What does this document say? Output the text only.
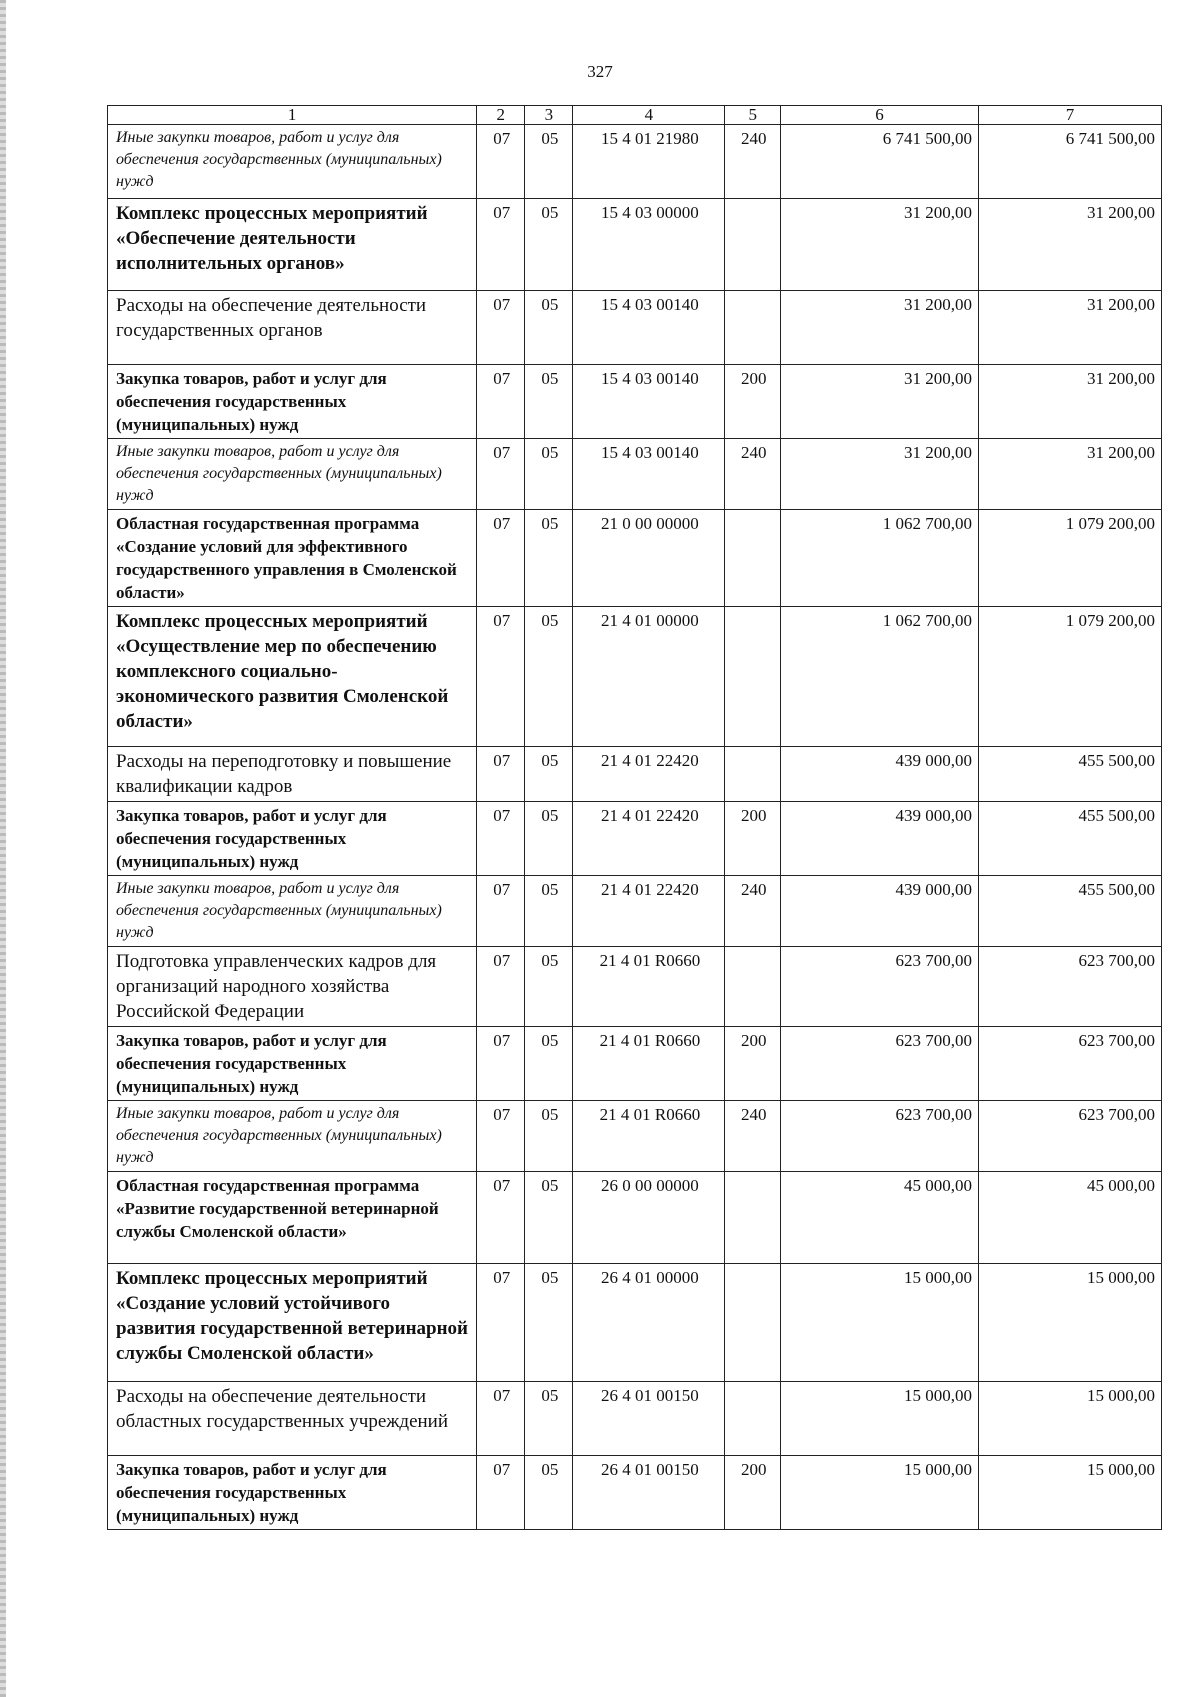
327
1	2	3	4	5	6	7
Иные закупки товаров, работ и услуг для обеспечения государственных (муниципальных) нужд	07	05	15 4 01 21980	240	6 741 500,00	6 741 500,00
Комплекс процессных мероприятий «Обеспечение деятельности исполнительных органов»	07	05	15 4 03 00000		31 200,00	31 200,00
Расходы на обеспечение деятельности государственных органов	07	05	15 4 03 00140		31 200,00	31 200,00
Закупка товаров, работ и услуг для обеспечения государственных (муниципальных) нужд	07	05	15 4 03 00140	200	31 200,00	31 200,00
Иные закупки товаров, работ и услуг для обеспечения государственных (муниципальных) нужд	07	05	15 4 03 00140	240	31 200,00	31 200,00
Областная государственная программа «Создание условий для эффективного государственного управления в Смоленской области»	07	05	21 0 00 00000		1 062 700,00	1 079 200,00
Комплекс процессных мероприятий «Осуществление мер по обеспечению комплексного социально-экономического развития Смоленской области»	07	05	21 4 01 00000		1 062 700,00	1 079 200,00
Расходы на переподготовку и повышение квалификации кадров	07	05	21 4 01 22420		439 000,00	455 500,00
Закупка товаров, работ и услуг для обеспечения государственных (муниципальных) нужд	07	05	21 4 01 22420	200	439 000,00	455 500,00
Иные закупки товаров, работ и услуг для обеспечения государственных (муниципальных) нужд	07	05	21 4 01 22420	240	439 000,00	455 500,00
Подготовка управленческих кадров для организаций народного хозяйства Российской Федерации	07	05	21 4 01 R0660		623 700,00	623 700,00
Закупка товаров, работ и услуг для обеспечения государственных (муниципальных) нужд	07	05	21 4 01 R0660	200	623 700,00	623 700,00
Иные закупки товаров, работ и услуг для обеспечения государственных (муниципальных) нужд	07	05	21 4 01 R0660	240	623 700,00	623 700,00
Областная государственная программа «Развитие государственной ветеринарной службы Смоленской области»	07	05	26 0 00 00000		45 000,00	45 000,00
Комплекс процессных мероприятий «Создание условий устойчивого развития государственной ветеринарной службы Смоленской области»	07	05	26 4 01 00000		15 000,00	15 000,00
Расходы на обеспечение деятельности областных государственных учреждений	07	05	26 4 01 00150		15 000,00	15 000,00
Закупка товаров, работ и услуг для обеспечения государственных (муниципальных) нужд	07	05	26 4 01 00150	200	15 000,00	15 000,00
